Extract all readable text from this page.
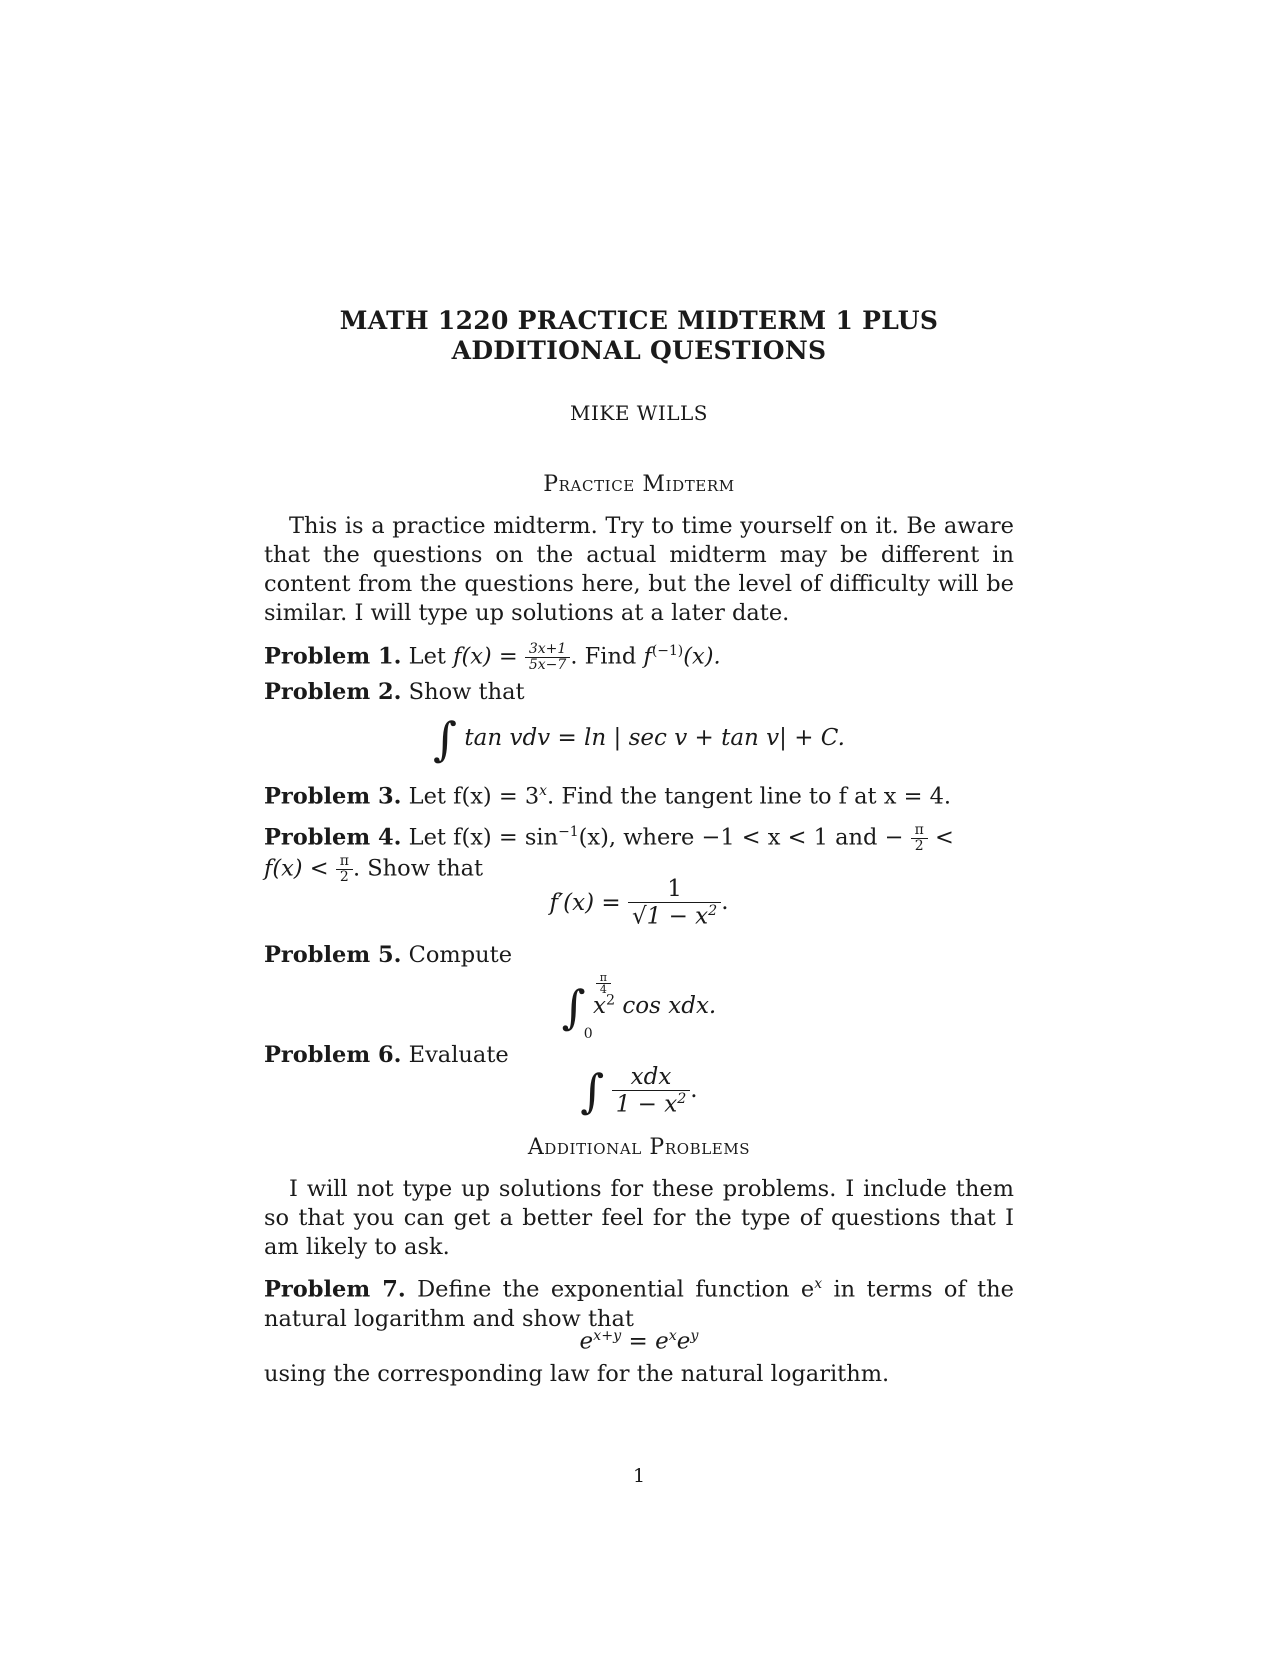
MATH 1220 PRACTICE MIDTERM 1 PLUS
ADDITIONAL QUESTIONS
MIKE WILLS
Practice Midterm

This is a practice midterm. Try to time yourself on it. Be aware that the questions on the actual midterm may be different in content from the questions here, but the level of difficulty will be similar. I will type up solutions at a later date.

Problem 1. Let $f(x) = \frac{3x+1}{5x-7}$ . Find $f^{(-1)}(x)$.

Problem 2. Show that

∫ tan vdv = ln | sec v + tan v| + C.

Problem 3. Let $f(x) = 3^x$. Find the tangent line to f at x = 4.

Problem 4. Let $f(x) = \sin^{-1}(x)$, where −1 < x < 1 and − $\frac{\pi}{2}$ <
$f(x) < \frac{\pi}{2}$ . Show that

$f'(x) = \frac{1}{√1 - x^2}$ .

Problem 5. Compute

∫ $\frac{\pi}{4}$
0
$x^2$ cos xdx.

Problem 6. Evaluate

∫ $\frac{\text{xdx}}{1 - x^2}$ .
Additional Problems

I will not type up solutions for these problems. I include them so that you can get a better feel for the type of questions that I am likely to ask.

Problem 7. Define the exponential function $e^x$ in terms of the natural logarithm and show that

$e^{x+y} = e^xe^y$

using the corresponding law for the natural logarithm.

1
